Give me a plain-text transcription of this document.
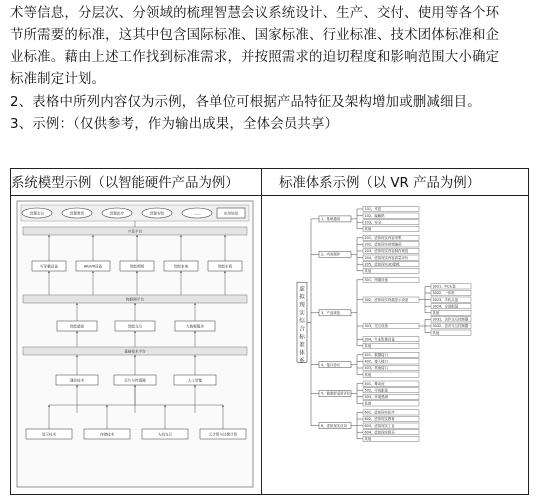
术等信息，分层次、分领域的梳理智慧会议系统设计、生产、交付、使用等各个环
节所需要的标准，这其中包含国际标准、国家标准、行业标准、技术团体标准和企
业标准。藉由上述工作找到标准需求，并按照需求的迫切程度和影响范围大小确定
标准制定计划。
2、表格中所列内容仅为示例，各单位可根据产品特征及架构增加或删减细目。
3、示例：（仅供参考，作为输出成果，全体会员共享）
系统模型示例（以智能硬件产品为例）	标准体系示例（以 VR 产品为例）
智慧会议	智慧教育	智慧医疗	智慧安防	……	应用场景
产品平台
可穿戴设备	AR/VR设备	智能照明	智能家电	智能车载
物联网平台
智能感知	智能交互	大数据服务
基础技术平台
通信技术	芯片与传感器	人工智能
显示技术	存储技术	人机交互	云计算与边缘计算
虚
拟
现
实
综
合
标
准
体
系
1、基础通用
101、术语
102、编解码
103、安全
其他
2、内容制作
201、虚拟现实内容采集
202、虚拟现实视频编码
203、虚拟现实内容制作规范
204、虚拟现实内容质量评价
205、虚拟现实3D建模
其他
3、产品规范
301、终端设备
302、虚拟现实终端显示设备
3021、PC头显
3022、一体机
3023、手机头盔
3024、全景眼镜
其他
303、交互设备
3031、动作交互控制器
3032、语音交互控制器
其他
304、专业影像设备
其他
4、接口协议
401、数据接口
402、接入接口
403、其他接口
其他
5、健康舒适度评价
501、晕动症
502、可视距离
503、环境感测
其他
6、虚拟现实应用
601、虚拟现实医疗
602、虚拟现实教育
603、虚拟现实工业
604、虚拟现实娱乐
其他
